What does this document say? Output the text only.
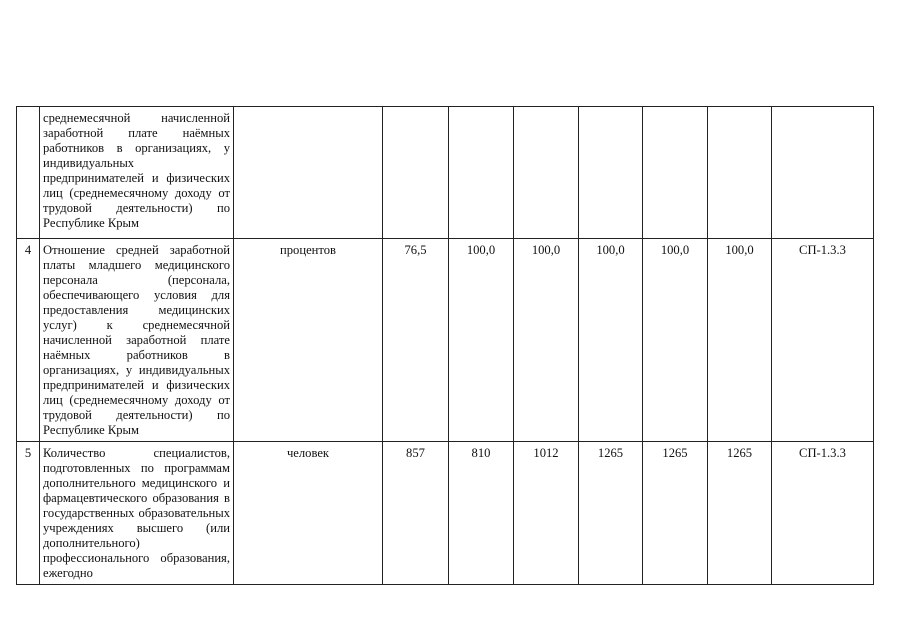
	среднемесячной начисленной заработной плате наёмных работников в организациях, у индивидуальных предпринимателей и физических лиц (среднемесячному доходу от трудовой деятельности) по Республике Крым								

4	Отношение средней заработной платы младшего медицинского персонала (персонала, обеспечивающего условия для предоставления медицинских услуг) к среднемесячной начисленной заработной плате наёмных работников в организациях, у индивидуальных предпринимателей и физических лиц (среднемесячному доходу от трудовой деятельности) по Республике Крым	процентов	76,5	100,0	100,0	100,0	100,0	100,0	СП-1.3.3
5	Количество специалистов, подготовленных по программам дополнительного медицинского и фармацевтического образования в государственных образовательных учреждениях высшего (или дополнительного) профессионального образования, ежегодно	человек	857	810	1012	1265	1265	1265	СП-1.3.3
